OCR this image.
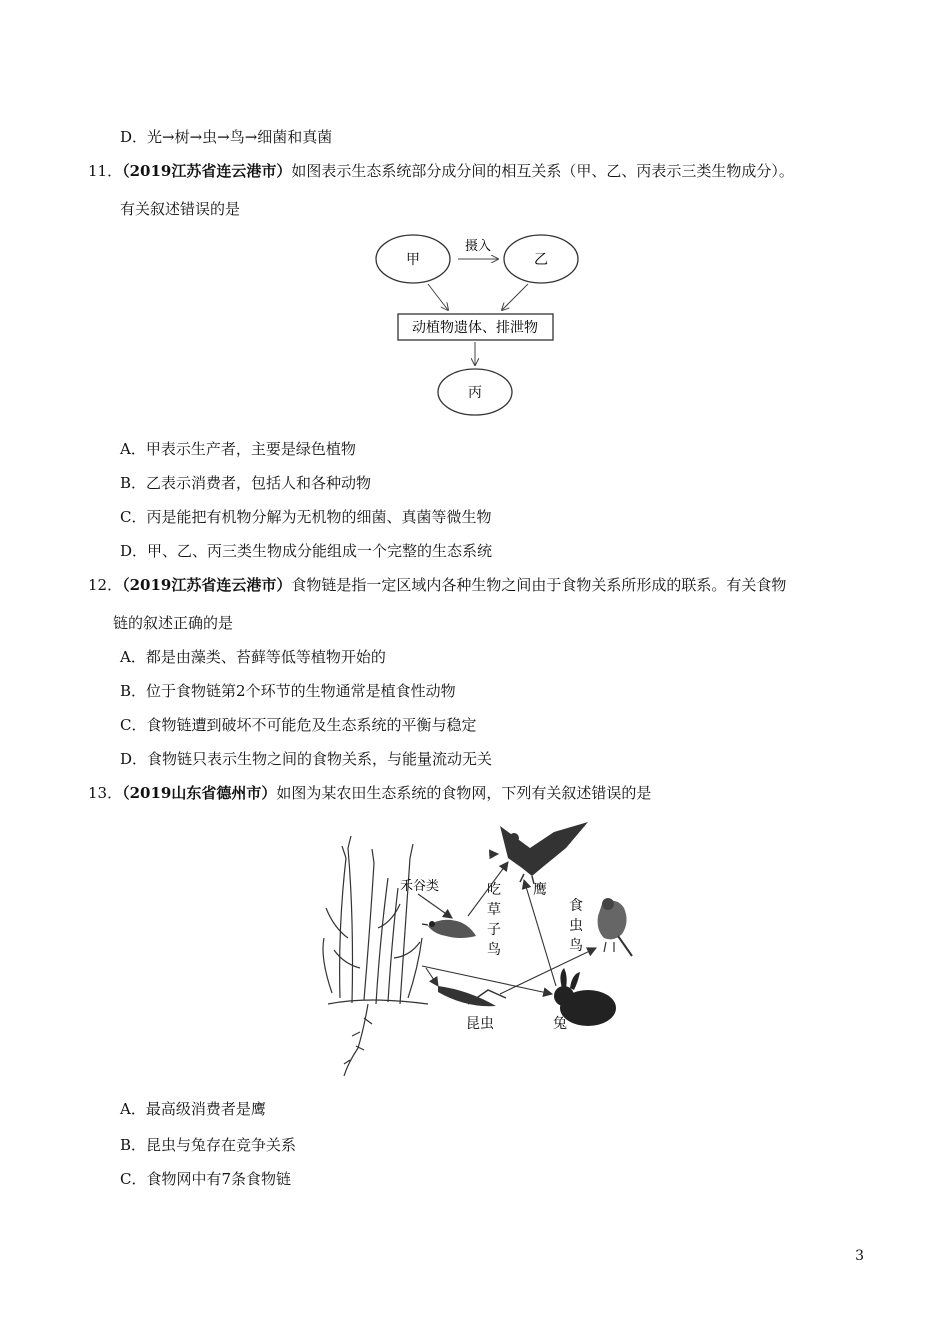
D．光→树→虫→鸟→细菌和真菌
11．（2019江苏省连云港市）如图表示生态系统部分成分间的相互关系（甲、乙、丙表示三类生物成分）。
有关叙述错误的是
甲	乙
摄入
动植物遗体、排泄物
丙
A．甲表示生产者，主要是绿色植物
B．乙表示消费者，包括人和各种动物
C．丙是能把有机物分解为无机物的细菌、真菌等微生物
D．甲、乙、丙三类生物成分能组成一个完整的生态系统
12．（2019江苏省连云港市）食物链是指一定区域内各种生物之间由于食物关系所形成的联系。有关食物
链的叙述正确的是
A．都是由藻类、苔藓等低等植物开始的
B．位于食物链第2个环节的生物通常是植食性动物
C．食物链遭到破坏不可能危及生态系统的平衡与稳定
D．食物链只表示生物之间的食物关系，与能量流动无关
13．（2019山东省德州市）如图为某农田生态系统的食物网，下列有关叙述错误的是
鹰
禾谷类	吃
草
子
鸟
食
虫
鸟
昆虫	兔
A．最高级消费者是鹰
B．昆虫与兔存在竞争关系
C．食物网中有7条食物链
3
